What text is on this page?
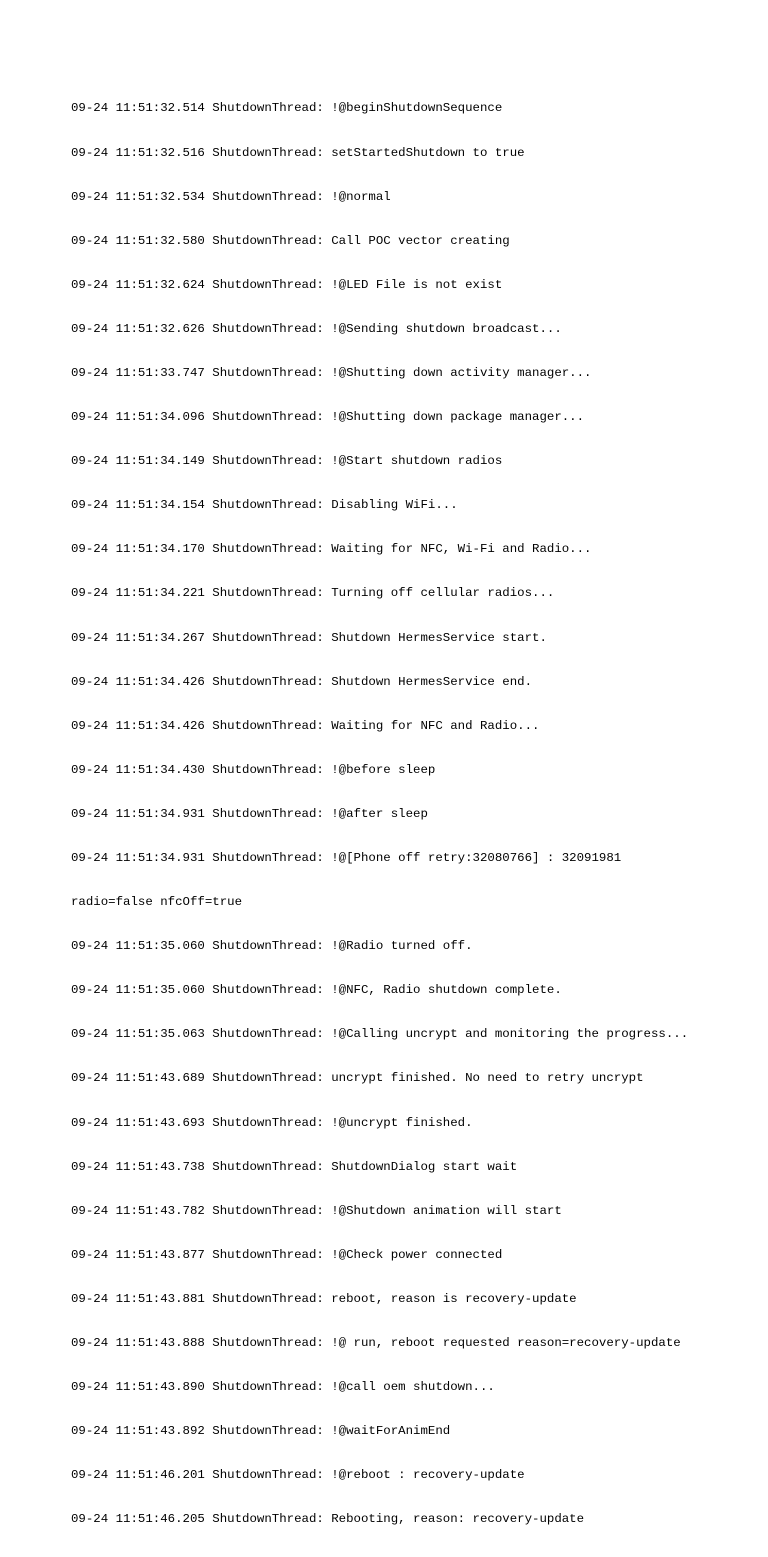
09-24 11:51:32.514 ShutdownThread: !@beginShutdownSequence

09-24 11:51:32.516 ShutdownThread: setStartedShutdown to true

09-24 11:51:32.534 ShutdownThread: !@normal

09-24 11:51:32.580 ShutdownThread: Call POC vector creating

09-24 11:51:32.624 ShutdownThread: !@LED File is not exist

09-24 11:51:32.626 ShutdownThread: !@Sending shutdown broadcast...

09-24 11:51:33.747 ShutdownThread: !@Shutting down activity manager...

09-24 11:51:34.096 ShutdownThread: !@Shutting down package manager...

09-24 11:51:34.149 ShutdownThread: !@Start shutdown radios

09-24 11:51:34.154 ShutdownThread: Disabling WiFi...

09-24 11:51:34.170 ShutdownThread: Waiting for NFC, Wi-Fi and Radio...

09-24 11:51:34.221 ShutdownThread: Turning off cellular radios...

09-24 11:51:34.267 ShutdownThread: Shutdown HermesService start.

09-24 11:51:34.426 ShutdownThread: Shutdown HermesService end.

09-24 11:51:34.426 ShutdownThread: Waiting for NFC and Radio...

09-24 11:51:34.430 ShutdownThread: !@before sleep

09-24 11:51:34.931 ShutdownThread: !@after sleep

09-24 11:51:34.931 ShutdownThread: !@[Phone off retry:32080766] : 32091981

radio=false nfcOff=true

09-24 11:51:35.060 ShutdownThread: !@Radio turned off.

09-24 11:51:35.060 ShutdownThread: !@NFC, Radio shutdown complete.

09-24 11:51:35.063 ShutdownThread: !@Calling uncrypt and monitoring the progress...

09-24 11:51:43.689 ShutdownThread: uncrypt finished. No need to retry uncrypt

09-24 11:51:43.693 ShutdownThread: !@uncrypt finished.

09-24 11:51:43.738 ShutdownThread: ShutdownDialog start wait

09-24 11:51:43.782 ShutdownThread: !@Shutdown animation will start

09-24 11:51:43.877 ShutdownThread: !@Check power connected

09-24 11:51:43.881 ShutdownThread: reboot, reason is recovery-update

09-24 11:51:43.888 ShutdownThread: !@ run, reboot requested reason=recovery-update

09-24 11:51:43.890 ShutdownThread: !@call oem shutdown...

09-24 11:51:43.892 ShutdownThread: !@waitForAnimEnd

09-24 11:51:46.201 ShutdownThread: !@reboot : recovery-update

09-24 11:51:46.205 ShutdownThread: Rebooting, reason: recovery-update
